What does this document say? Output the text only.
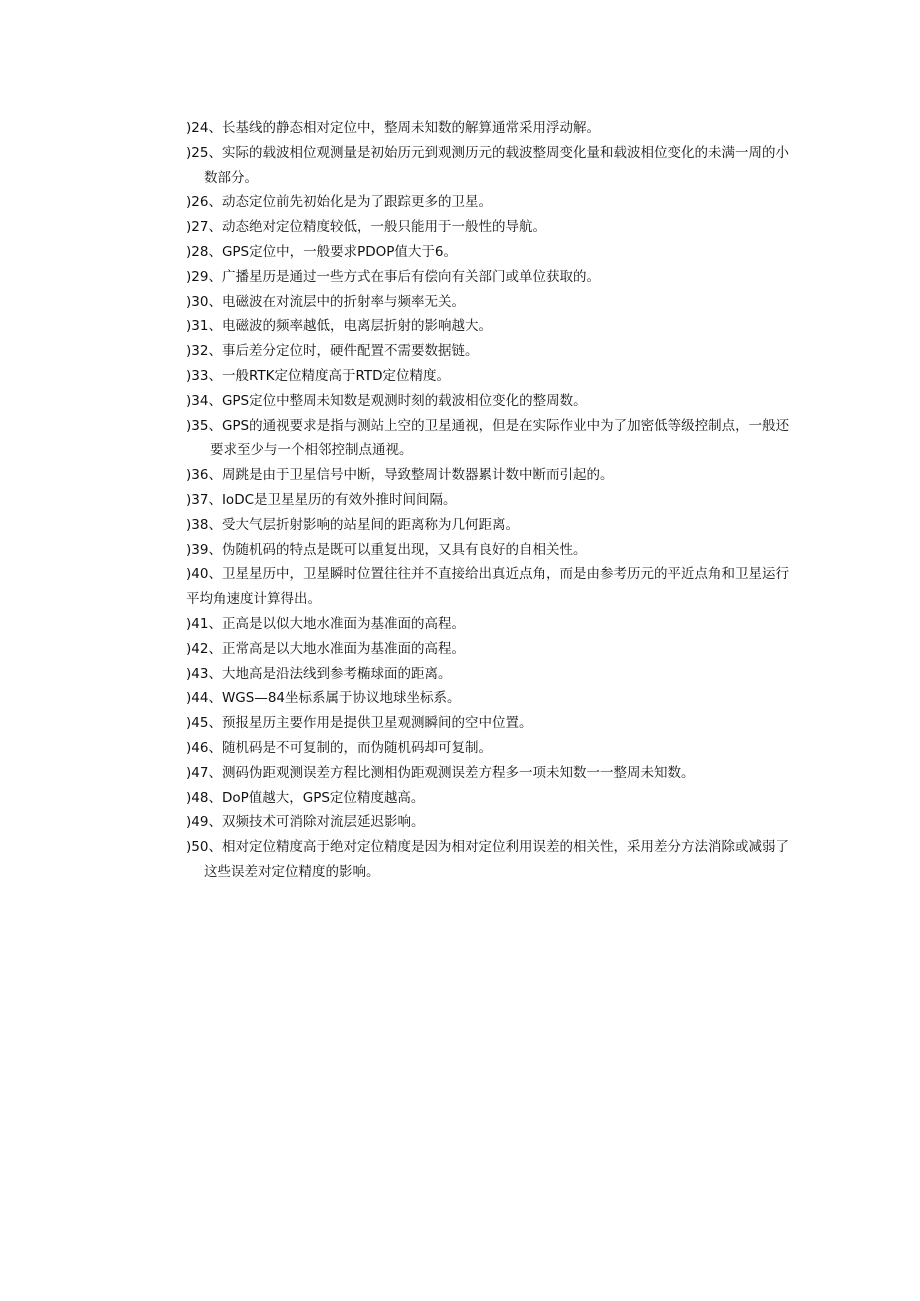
)24、长基线的静态相对定位中，整周未知数的解算通常采用浮动解。
)25、实际的载波相位观测量是初始历元到观测历元的载波整周变化量和载波相位变化的未满一周的小数部分。
)26、动态定位前先初始化是为了跟踪更多的卫星。
)27、动态绝对定位精度较低，一般只能用于一般性的导航。
)28、GPS定位中，一般要求PDOP值大于6。
)29、广播星历是通过一些方式在事后有偿向有关部门或单位获取的。
)30、电磁波在对流层中的折射率与频率无关。
)31、电磁波的频率越低，电离层折射的影响越大。
)32、事后差分定位时，硬件配置不需要数据链。
)33、一般RTK定位精度高于RTD定位精度。
)34、GPS定位中整周未知数是观测时刻的载波相位变化的整周数。
)35、GPS的通视要求是指与测站上空的卫星通视，但是在实际作业中为了加密低等级控制点，一般还要求至少与一个相邻控制点通视。
)36、周跳是由于卫星信号中断，导致整周计数器累计数中断而引起的。
)37、IoDC是卫星星历的有效外推时间间隔。
)38、受大气层折射影响的站星间的距离称为几何距离。
)39、伪随机码的特点是既可以重复出现，又具有良好的自相关性。
)40、卫星星历中，卫星瞬时位置往往并不直接给出真近点角，而是由参考历元的平近点角和卫星运行平均角速度计算得出。
)41、正高是以似大地水准面为基准面的高程。
)42、正常高是以大地水准面为基准面的高程。
)43、大地高是沿法线到参考椭球面的距离。
)44、WGS—84坐标系属于协议地球坐标系。
)45、预报星历主要作用是提供卫星观测瞬间的空中位置。
)46、随机码是不可复制的，而伪随机码却可复制。
)47、测码伪距观测误差方程比测相伪距观测误差方程多一项未知数一一整周未知数。
)48、DoP值越大，GPS定位精度越高。
)49、双频技术可消除对流层延迟影响。
)50、相对定位精度高于绝对定位精度是因为相对定位利用误差的相关性，采用差分方法消除或减弱了这些误差对定位精度的影响。
